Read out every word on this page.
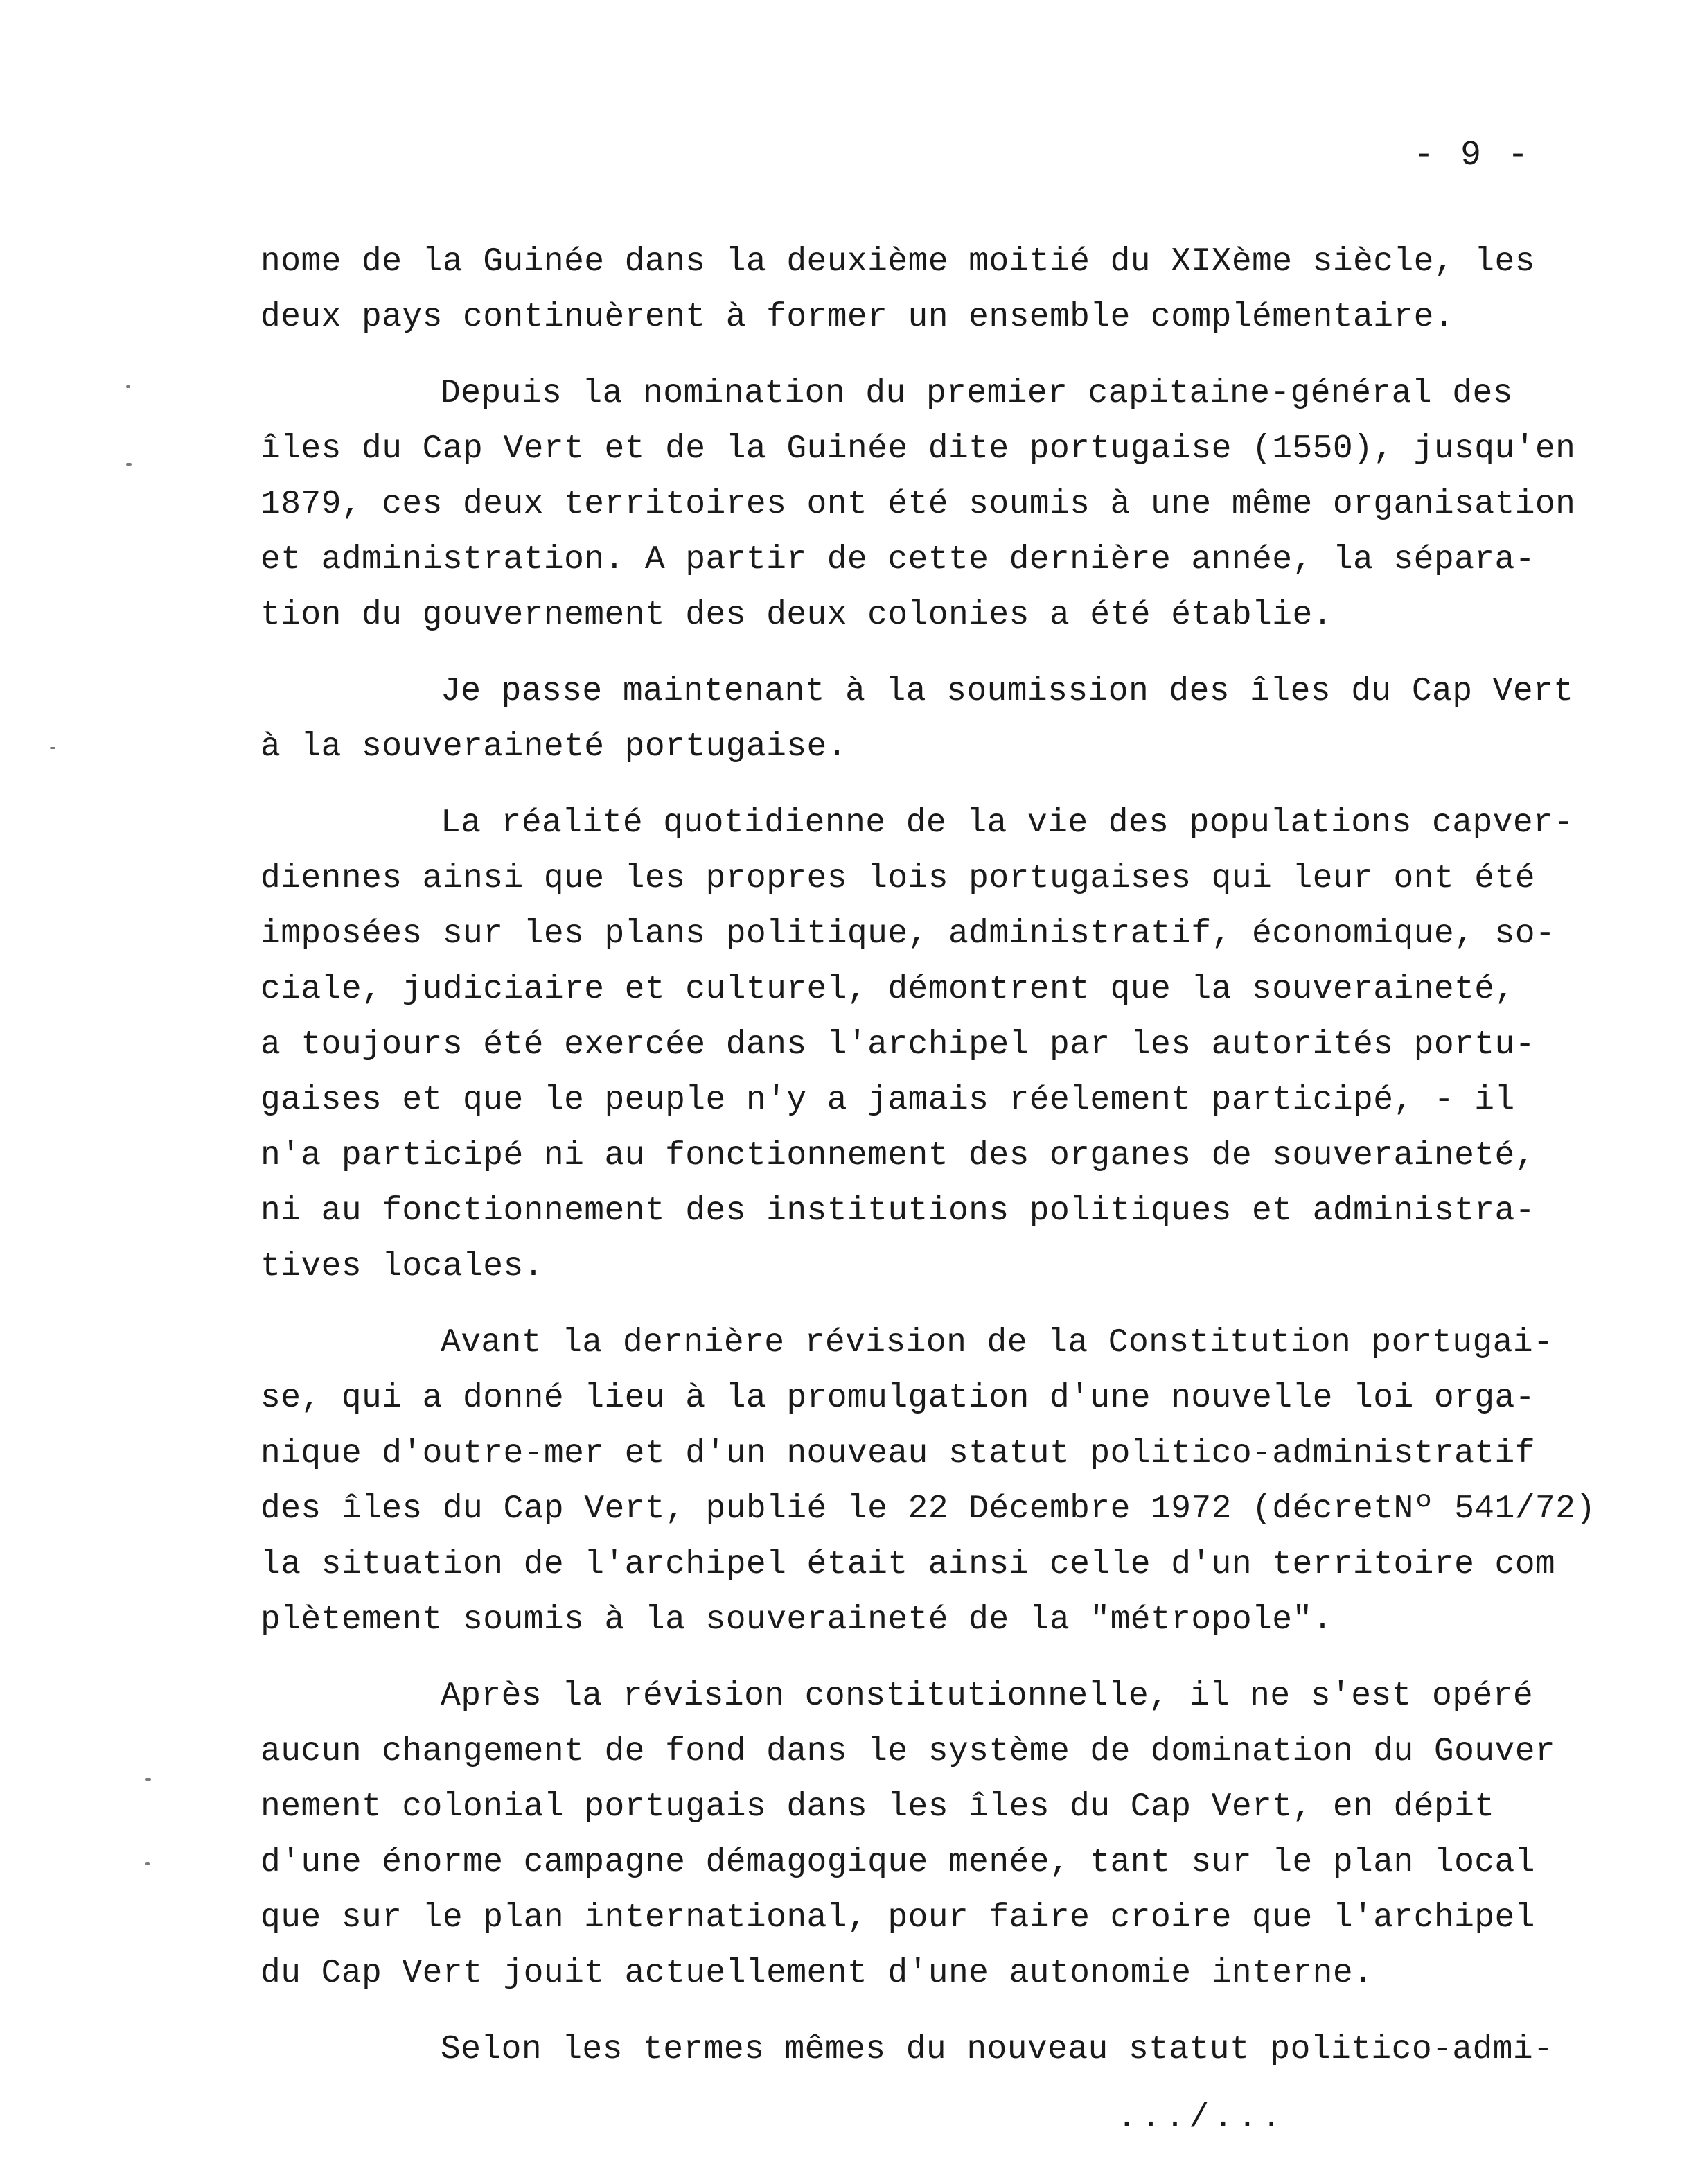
- 9 -
nome de la Guinée dans la deuxième moitié du XIXème siècle, les
deux pays continuèrent à former un ensemble complémentaire.
Depuis la nomination du premier capitaine-général des
îles du Cap Vert et de la Guinée dite portugaise (1550), jusqu'en
1879, ces deux territoires ont été soumis à une même organisation
et administration. A partir de cette dernière année, la sépara-
tion du gouvernement des deux colonies a été établie.
Je passe maintenant à la soumission des îles du Cap Vert
à la souveraineté portugaise.
La réalité quotidienne de la vie des populations capver-
diennes ainsi que les propres lois portugaises qui leur ont été
imposées sur les plans politique, administratif, économique, so-
ciale, judiciaire et culturel, démontrent que la souveraineté,
a toujours été exercée dans l'archipel par les autorités portu-
gaises et que le peuple n'y a jamais réelement participé, - il
n'a participé ni au fonctionnement des organes de souveraineté,
ni au fonctionnement des institutions politiques et administra-
tives locales.
Avant la dernière révision de la Constitution portugai-
se, qui a donné lieu à la promulgation d'une nouvelle loi orga-
nique d'outre-mer et d'un nouveau statut politico-administratif
des îles du Cap Vert, publié le 22 Décembre 1972 (décretNº 541/72)
la situation de l'archipel était ainsi celle d'un territoire com
plètement soumis à la souveraineté de la "métropole".
Après la révision constitutionnelle, il ne s'est opéré
aucun changement de fond dans le système de domination du Gouver
nement colonial portugais dans les îles du Cap Vert, en dépit
d'une énorme campagne démagogique menée, tant sur le plan local
que sur le plan international, pour faire croire que l'archipel
du Cap Vert jouit actuellement d'une autonomie interne.
Selon les termes mêmes du nouveau statut politico-admi-
.../...
